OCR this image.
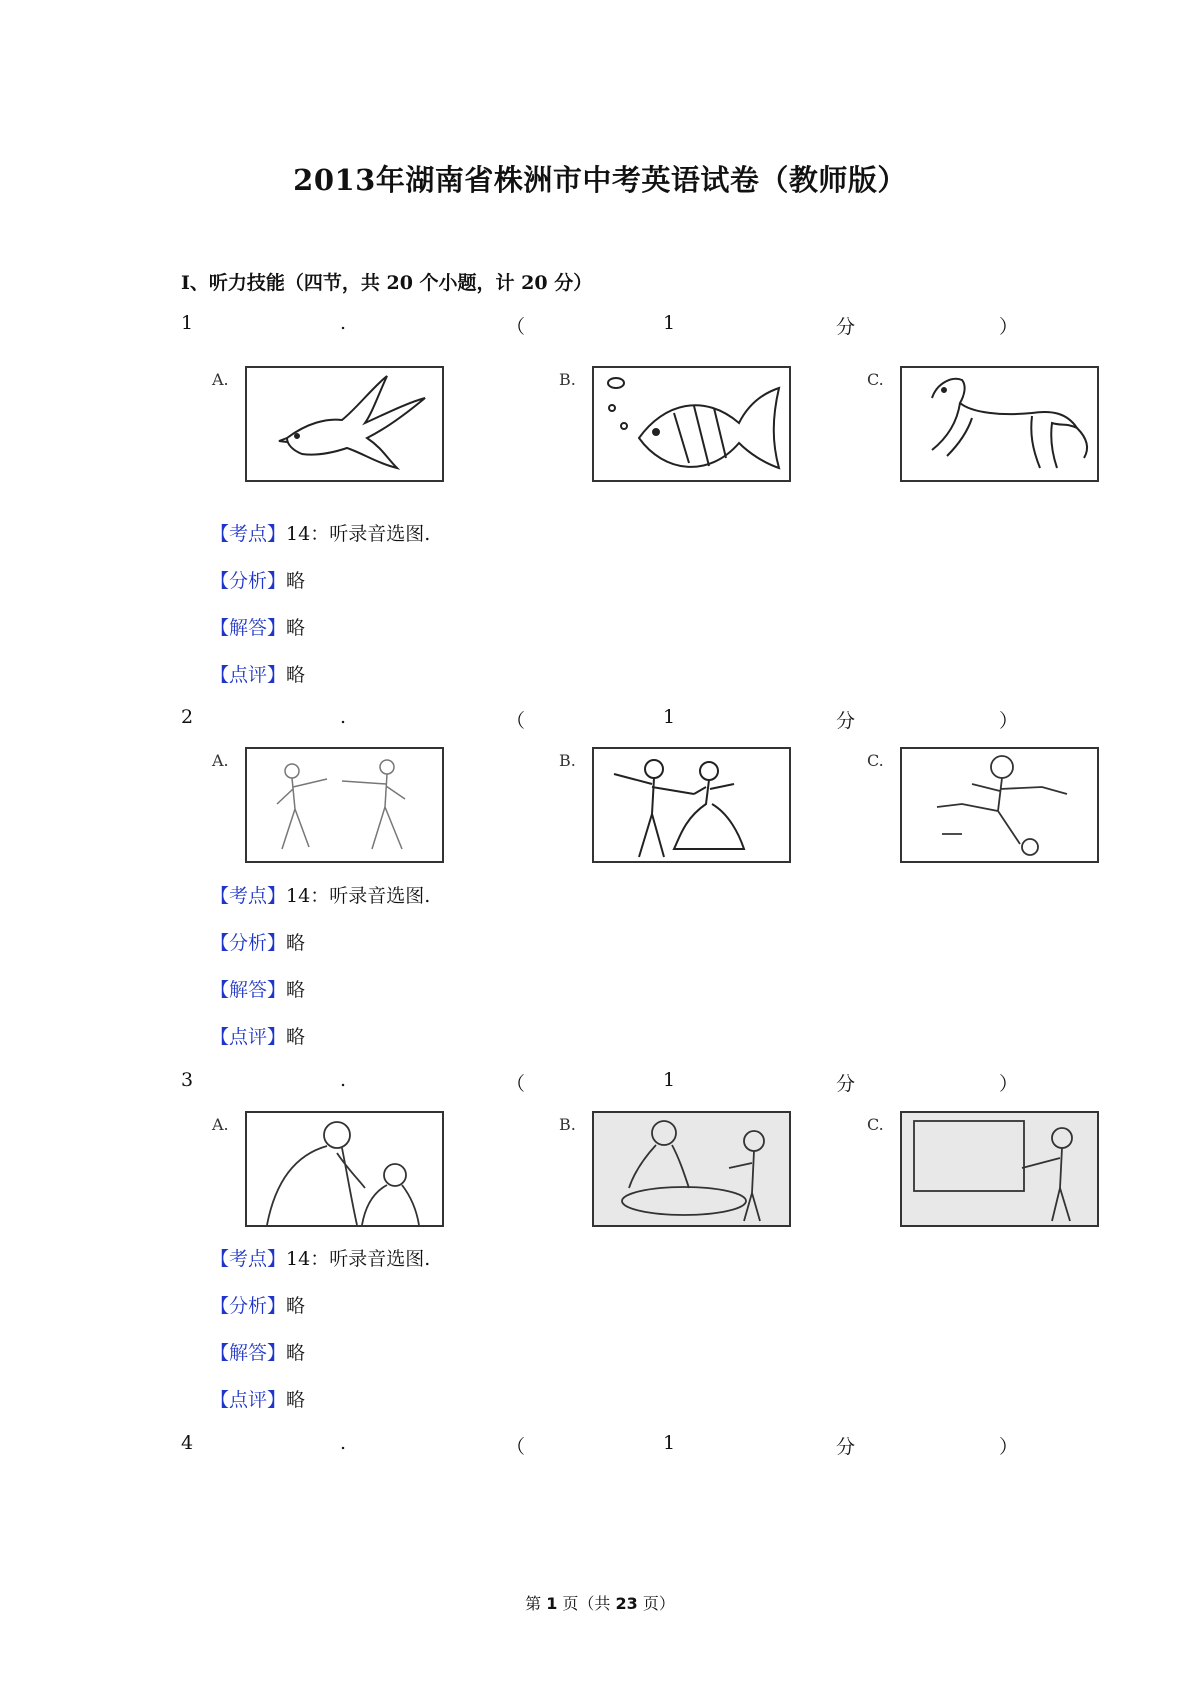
2013年湖南省株洲市中考英语试卷（教师版）
I、听力技能（四节，共 20 个小题，计 20 分）
1	.	（	1	分	）
A.	B.	C.
【考点】14：听录音选图.
【分析】略
【解答】略
【点评】略
2	.	（	1	分	）
A.	B.	C.
【考点】14：听录音选图.
【分析】略
【解答】略
【点评】略
3	.	（	1	分	）
A.	B.	C.
【考点】14：听录音选图.
【分析】略
【解答】略
【点评】略
4	.	（	1	分	）
第 1 页（共 23 页）
